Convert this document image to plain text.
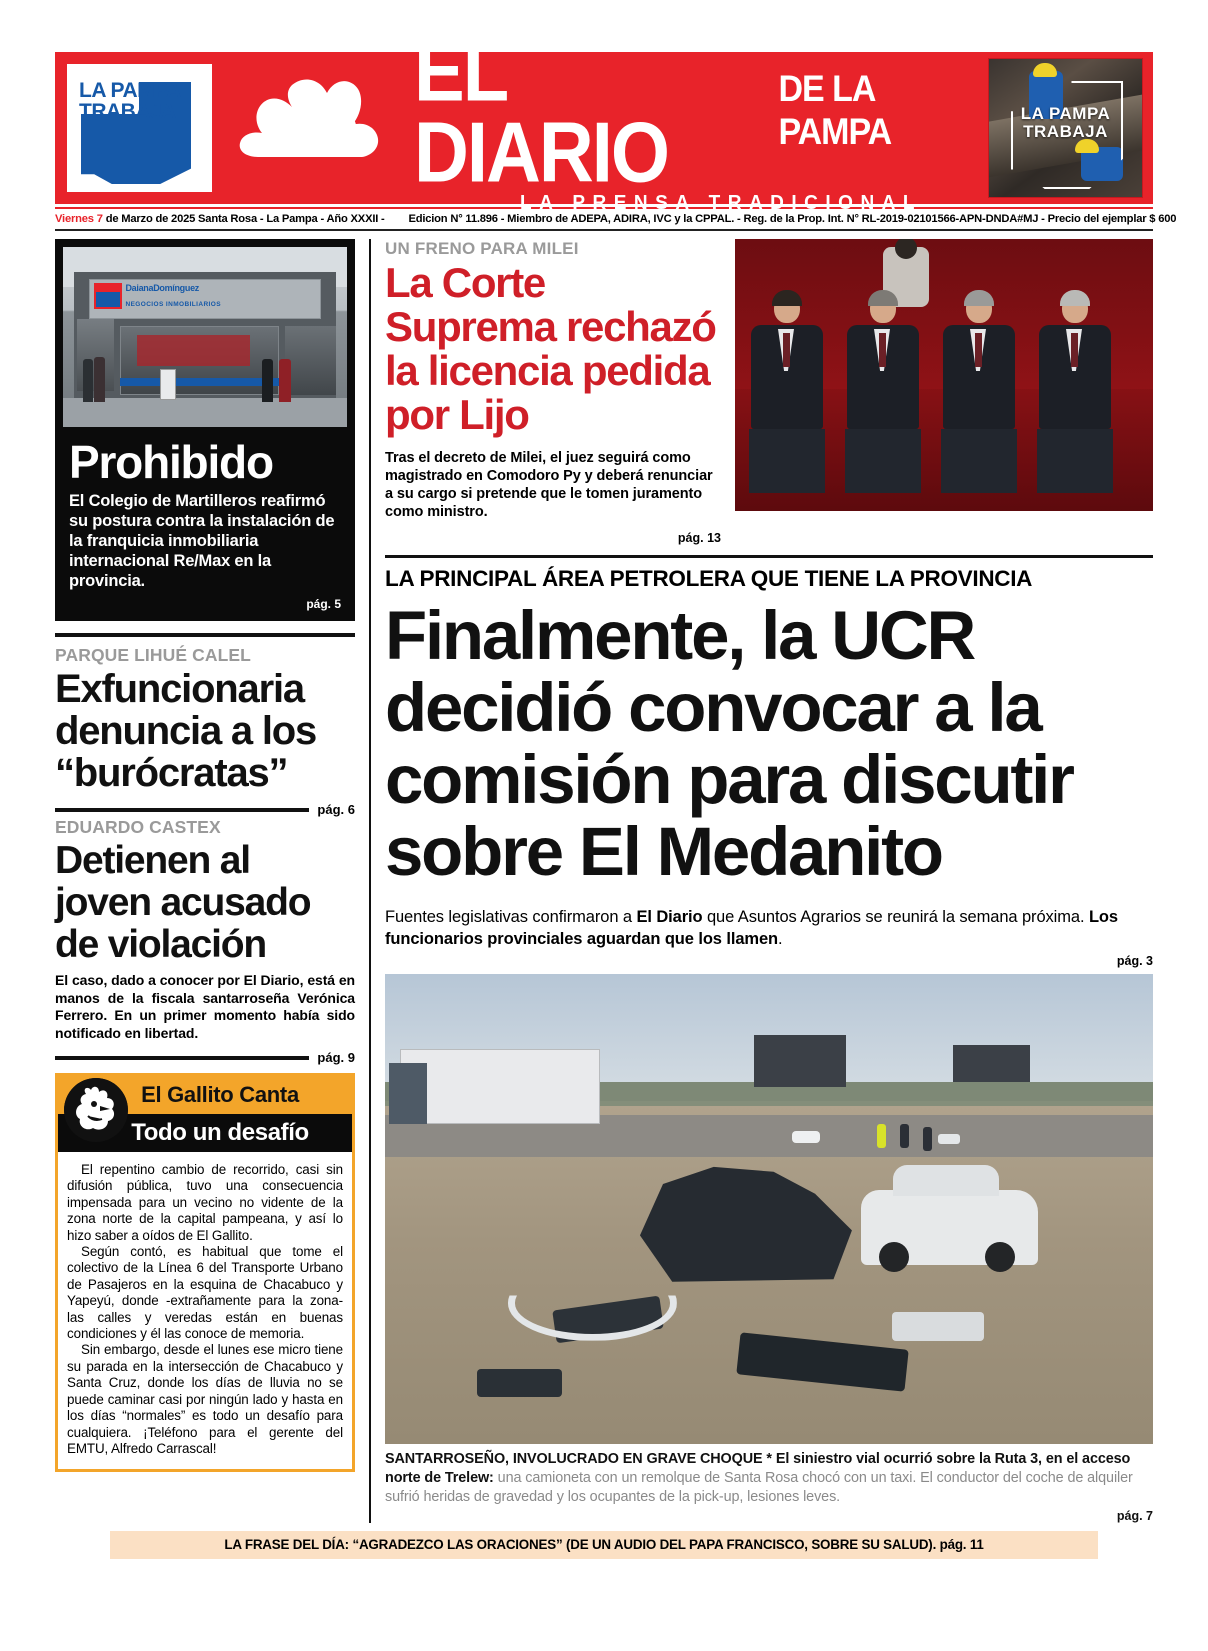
LA PAMPA
TRABAJA	EL DIARIO
DE LA PAMPA
LA PRENSA TRADICIONAL
LA PAMPA
TRABAJA
Viernes 7 de Marzo de 2025 Santa Rosa - La Pampa - Año XXXII - Edicion N° 11.896 - Miembro de ADEPA, ADIRA, IVC y la CPPAL. - Reg. de la Prop. Int. N° RL-2019-02101566-APN-DNDA#MJ - Precio del ejemplar $ 600
DaianaDomínguez
NEGOCIOS INMOBILIARIOS
Prohibido
El Colegio de Martilleros reafirmó su postura contra la instalación de la franquicia inmobiliaria internacional Re/Max en la provincia.
pág. 5
PARQUE LIHUÉ CALEL
Exfuncionaria denuncia a los “burócratas”
pág. 6
EDUARDO CASTEX
Detienen al joven acusado de violación
El caso, dado a conocer por El Diario, está en manos de la fiscala santarroseña Verónica Ferrero. En un primer momento había sido notificado en libertad.
pág. 9
El Gallito Canta
Todo un desafío

El repentino cambio de recorrido, casi sin difusión pública, tuvo una consecuencia impensada para un vecino no vidente de la zona norte de la capital pampeana, y así lo hizo saber a oídos de El Gallito.

Según contó, es habitual que tome el colectivo de la Línea 6 del Transporte Urbano de Pasajeros en la esquina de Chacabuco y Yapeyú, donde -extrañamente para la zona- las calles y veredas están en buenas condiciones y él las conoce de memoria.

Sin embargo, desde el lunes ese micro tiene su parada en la intersección de Chacabuco y Santa Cruz, donde los días de lluvia no se puede caminar casi por ningún lado y hasta en los días “normales” es todo un desafío para cualquiera. ¡Teléfono para el gerente del EMTU, Alfredo Carrascal!

UN FRENO PARA MILEI
La Corte Suprema rechazó la licencia pedida por Lijo
Tras el decreto de Milei, el juez seguirá como magistrado en Comodoro Py y deberá renunciar a su cargo si pretende que le tomen juramento como ministro.
pág. 13
LA PRINCIPAL ÁREA PETROLERA QUE TIENE LA PROVINCIA
Finalmente, la UCR decidió convocar a la comisión para discutir sobre El Medanito
Fuentes legislativas confirmaron a El Diario que Asuntos Agrarios se reunirá la semana próxima. Los funcionarios provinciales aguardan que los llamen.
pág. 3
SANTARROSEÑO, INVOLUCRADO EN GRAVE CHOQUE * El siniestro vial ocurrió sobre la Ruta 3, en el acceso norte de Trelew: una camioneta con un remolque de Santa Rosa chocó con un taxi. El conductor del coche de alquiler sufrió heridas de gravedad y los ocupantes de la pick-up, lesiones leves.
pág. 7
LA FRASE DEL DÍA: “AGRADEZCO LAS ORACIONES” (DE UN AUDIO DEL PAPA FRANCISCO, SOBRE SU SALUD). pág. 11
